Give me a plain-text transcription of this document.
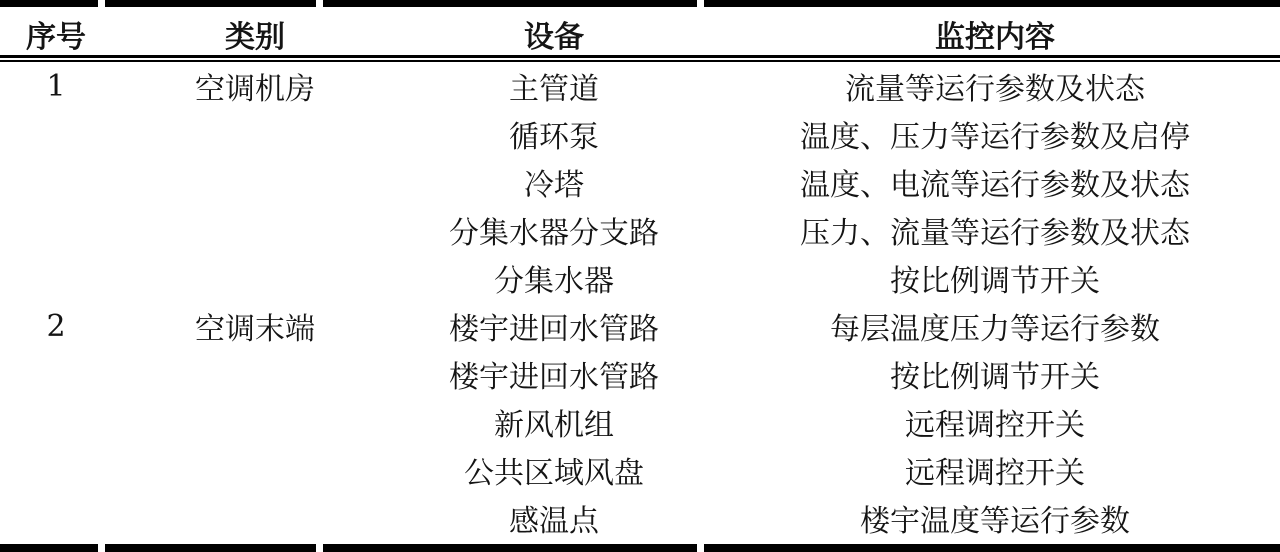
序号	类别	设备	监控内容
1	空调机房	主管道	流量等运行参数及状态
		循环泵	温度、压力等运行参数及启停
		冷塔	温度、电流等运行参数及状态
		分集水器分支路	压力、流量等运行参数及状态
		分集水器	按比例调节开关
2	空调末端	楼宇进回水管路	每层温度压力等运行参数
		楼宇进回水管路	按比例调节开关
		新风机组	远程调控开关
		公共区域风盘	远程调控开关
		感温点	楼宇温度等运行参数
